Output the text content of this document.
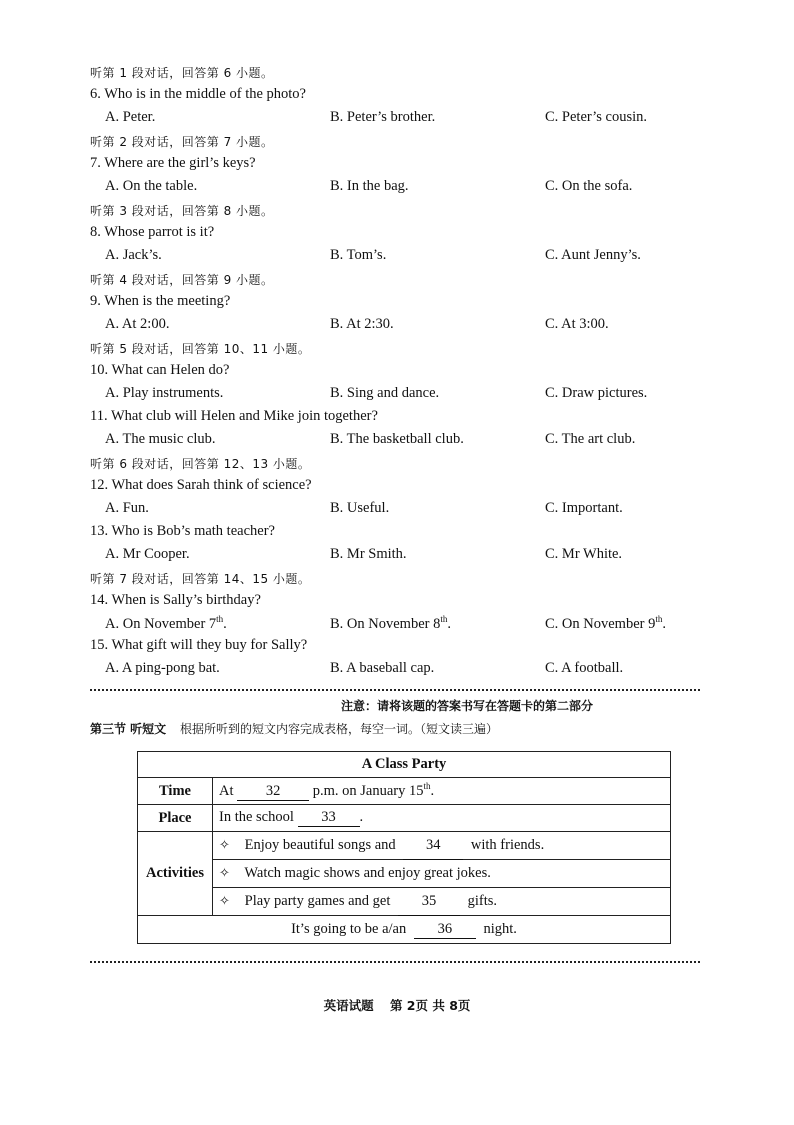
听第 1 段对话，回答第 6 小题。
6. Who is in the middle of the photo?
A. Peter.	B. Peter’s brother.	C. Peter’s cousin.
听第 2 段对话，回答第 7 小题。
7. Where are the girl’s keys?
A. On the table.	B. In the bag.	C. On the sofa.
听第 3 段对话，回答第 8 小题。
8. Whose parrot is it?
A. Jack’s.	B. Tom’s.	C. Aunt Jenny’s.
听第 4 段对话，回答第 9 小题。
9. When is the meeting?
A. At 2:00.	B. At 2:30.	C. At 3:00.
听第 5 段对话，回答第 10、11 小题。
10. What can Helen do?
A. Play instruments.	B. Sing and dance.	C. Draw pictures.
11. What club will Helen and Mike join together?
A. The music club.	B. The basketball club.	C. The art club.
听第 6 段对话，回答第 12、13 小题。
12. What does Sarah think of science?
A. Fun.	B. Useful.	C. Important.
13. Who is Bob’s math teacher?
A. Mr Cooper.	B. Mr Smith.	C. Mr White.
听第 7 段对话，回答第 14、15 小题。
14. When is Sally’s birthday?
A. On November 7th.	B. On November 8th.	C. On November 9th.
15. What gift will they buy for Sally?
A. A ping-pong bat.	B. A baseball cap.	C. A football.
注意：请将该题的答案书写在答题卡的第二部分
第三节 听短文 根据所听到的短文内容完成表格，每空一词。（短文读三遍）
A Class Party	
Time	At 32 p.m. on January 15th.
Place	In the school 33 .
Activities	✧ Enjoy beautiful songs and 34 with friends.
✧ Watch magic shows and enjoy great jokes.
✧ Play party games and get 35 gifts.

It’s going to be a/an 36 night.	
英语试题 第 2页 共 8页
